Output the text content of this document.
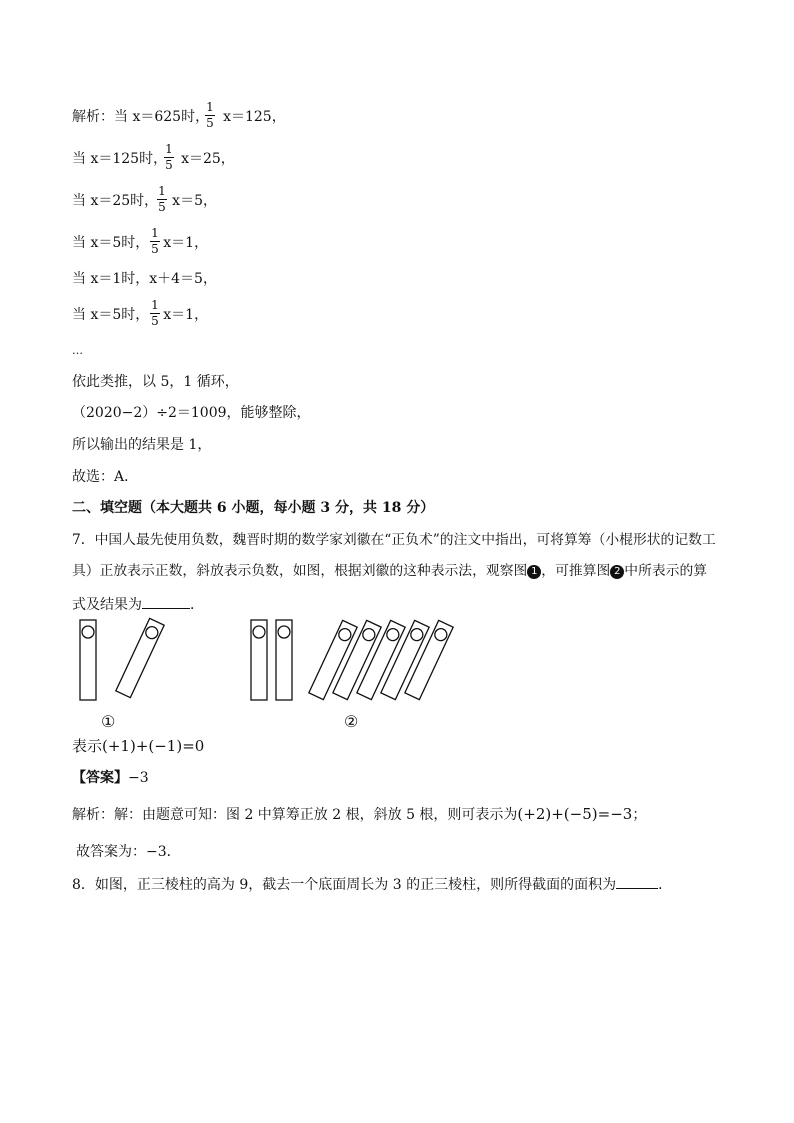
解析：当 x＝625时， x＝125，
1
5
当 x＝125时， x＝25，
1
5
当 x＝25时， x＝5，
1
5
当 x＝5时， x＝1，
1
5
当 x＝1时，x＋4＝5，
当 x＝5时， x＝1，
1
5
…
依此类推，以 5，1 循环，
（2020−2）÷2＝1009，能够整除，
所以输出的结果是 1，
故选：A．
二、填空题（本大题共 6 小题，每小题 3 分，共 18 分）
7．中国人最先使用负数，魏晋时期的数学家刘徽在“正负术”的注文中指出，可将算筹（小棍形状的记数工
具）正放表示正数，斜放表示负数，如图，根据刘徽的这种表示法，观察图 1 ，可推算图 2 中所表示的算
式及结果为	．
①	②
表示(+1)+(−1)=0
【答案】−3
解析：解：由题意可知：图 2 中算筹正放 2 根，斜放 5 根，则可表示为(+2)+(−5)=−3；
故答案为：−3．
8．如图，正三棱柱的高为 9，截去一个底面周长为 3 的正三棱柱，则所得截面的面积为	．
